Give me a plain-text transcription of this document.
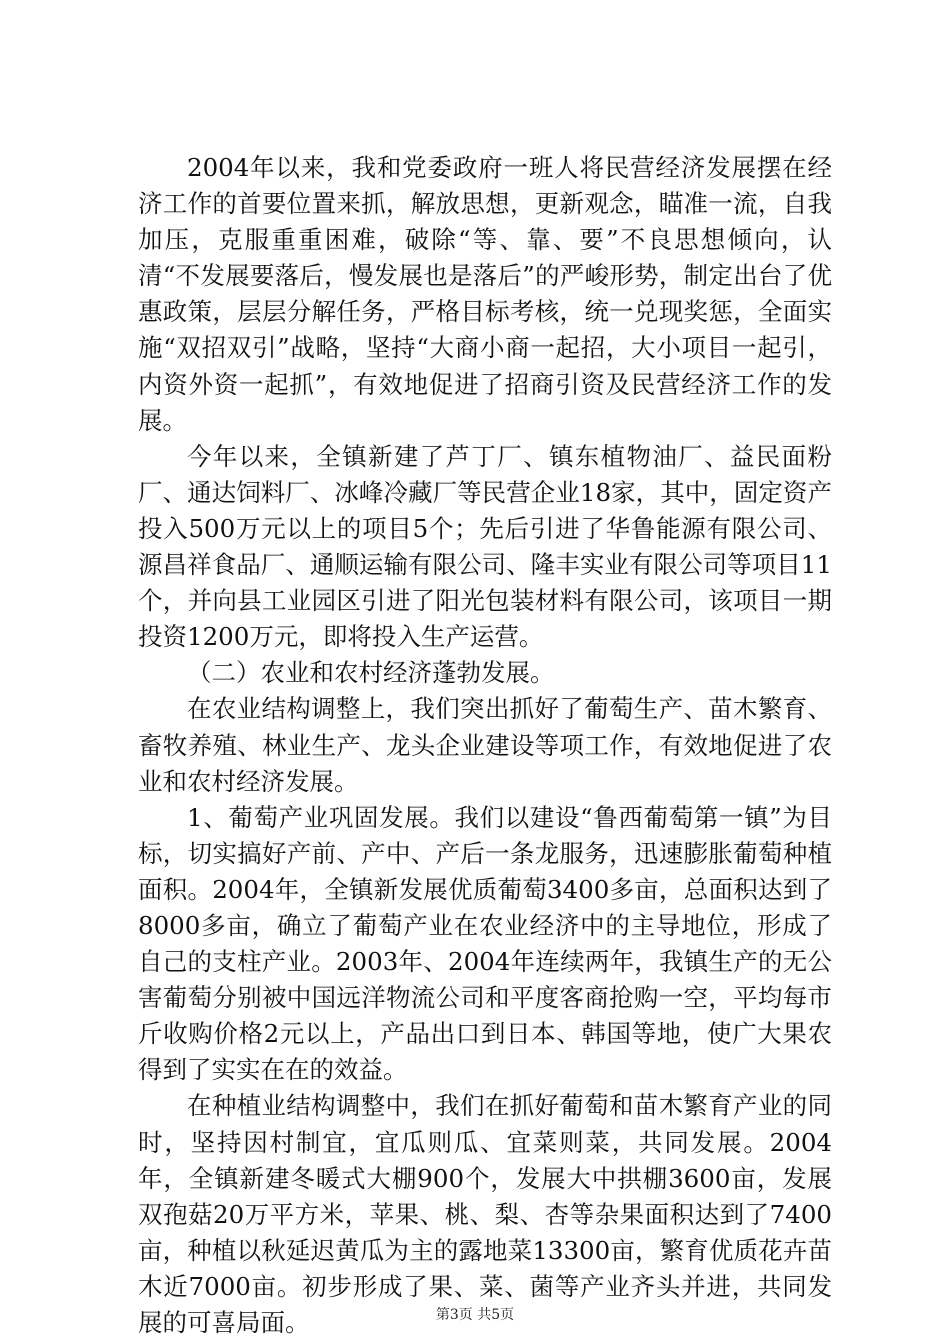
2004年以来，我和党委政府一班人将民营经济发展摆在经济工作的首要位置来抓，解放思想，更新观念，瞄准一流，自我加压，克服重重困难，破除“等、靠、要”不良思想倾向，认清“不发展要落后，慢发展也是落后”的严峻形势，制定出台了优惠政策，层层分解任务，严格目标考核，统一兑现奖惩，全面实施“双招双引”战略，坚持“大商小商一起招，大小项目一起引，内资外资一起抓”，有效地促进了招商引资及民营经济工作的发展。

今年以来，全镇新建了芦丁厂、镇东植物油厂、益民面粉厂、通达饲料厂、冰峰冷藏厂等民营企业18家，其中，固定资产投入500万元以上的项目5个；先后引进了华鲁能源有限公司、源昌祥食品厂、通顺运输有限公司、隆丰实业有限公司等项目11个，并向县工业园区引进了阳光包装材料有限公司，该项目一期投资1200万元，即将投入生产运营。

（二）农业和农村经济蓬勃发展。

在农业结构调整上，我们突出抓好了葡萄生产、苗木繁育、畜牧养殖、林业生产、龙头企业建设等项工作，有效地促进了农业和农村经济发展。

1、葡萄产业巩固发展。我们以建设“鲁西葡萄第一镇”为目标，切实搞好产前、产中、产后一条龙服务，迅速膨胀葡萄种植面积。2004年，全镇新发展优质葡萄3400多亩，总面积达到了8000多亩，确立了葡萄产业在农业经济中的主导地位，形成了自己的支柱产业。2003年、2004年连续两年，我镇生产的无公害葡萄分别被中国远洋物流公司和平度客商抢购一空，平均每市斤收购价格2元以上，产品出口到日本、韩国等地，使广大果农得到了实实在在的效益。

在种植业结构调整中，我们在抓好葡萄和苗木繁育产业的同时，坚持因村制宜，宜瓜则瓜、宜菜则菜，共同发展。2004年，全镇新建冬暖式大棚900个，发展大中拱棚3600亩，发展双孢菇20万平方米，苹果、桃、梨、杏等杂果面积达到了7400亩，种植以秋延迟黄瓜为主的露地菜13300亩，繁育优质花卉苗木近7000亩。初步形成了果、菜、菌等产业齐头并进，共同发展的可喜局面。	第3页 共5页
